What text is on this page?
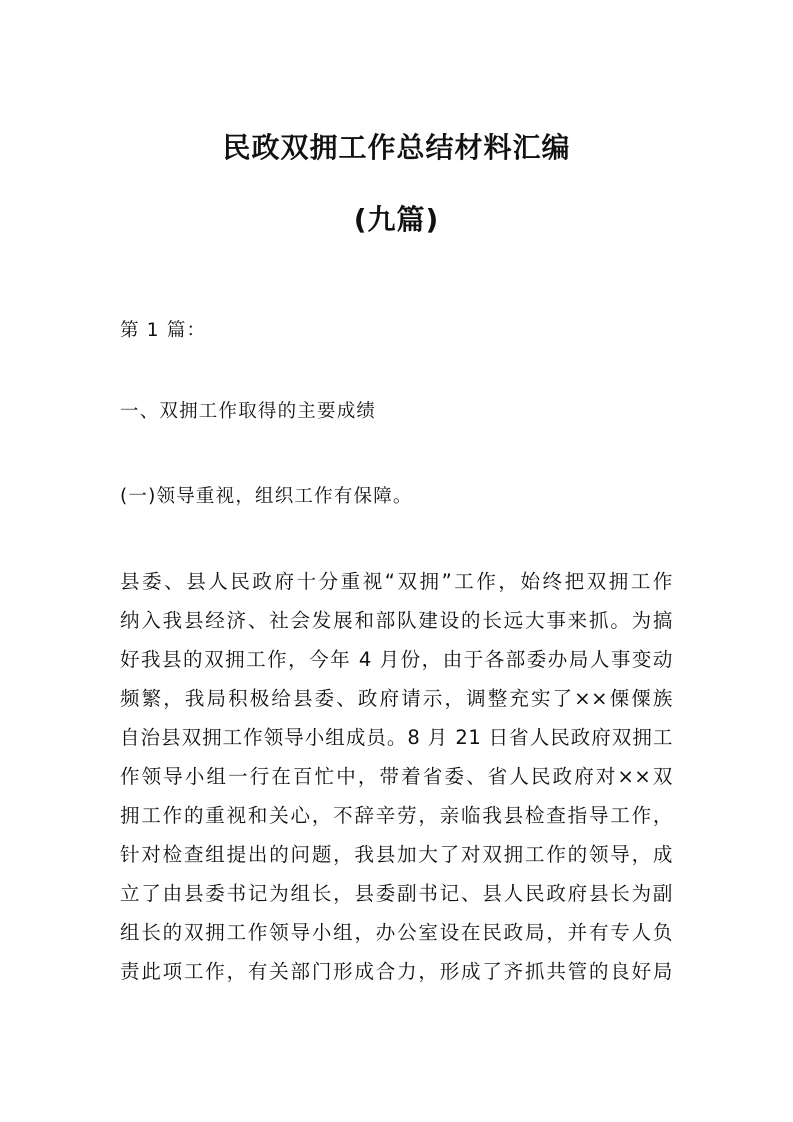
民政双拥工作总结材料汇编
(九篇)
第 1 篇：
一、双拥工作取得的主要成绩
(一)领导重视，组织工作有保障。
县委、县人民政府十分重视“双拥”工作，始终把双拥工作
纳入我县经济、社会发展和部队建设的长远大事来抓。为搞
好我县的双拥工作，今年 4 月份，由于各部委办局人事变动
频繁，我局积极给县委、政府请示，调整充实了××傈僳族
自治县双拥工作领导小组成员。8 月 21 日省人民政府双拥工
作领导小组一行在百忙中，带着省委、省人民政府对××双
拥工作的重视和关心，不辞辛劳，亲临我县检查指导工作，
针对检查组提出的问题，我县加大了对双拥工作的领导，成
立了由县委书记为组长，县委副书记、县人民政府县长为副
组长的双拥工作领导小组，办公室设在民政局，并有专人负
责此项工作，有关部门形成合力，形成了齐抓共管的良好局
